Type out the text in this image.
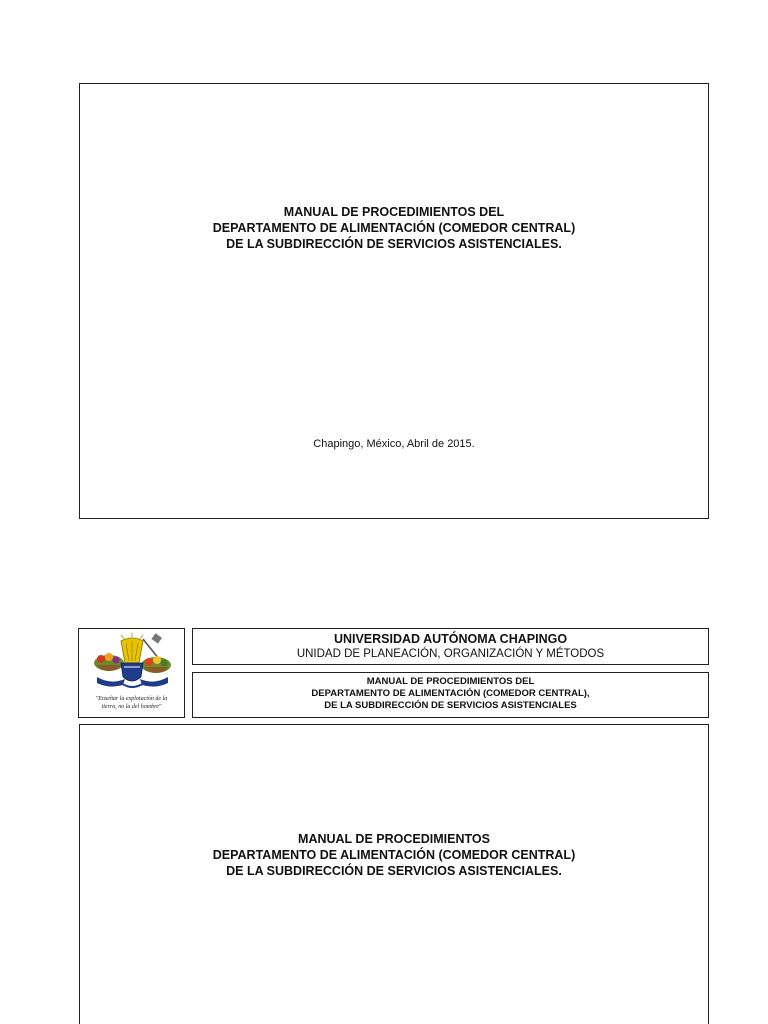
MANUAL DE PROCEDIMIENTOS DEL
DEPARTAMENTO DE ALIMENTACIÓN (COMEDOR CENTRAL)
DE LA SUBDIRECCIÓN DE SERVICIOS ASISTENCIALES.
Chapingo, México, Abril de 2015.
"Enseñar la explotación de la
tierra, no la del hombre"
UNIVERSIDAD AUTÓNOMA CHAPINGO
UNIDAD DE PLANEACIÓN, ORGANIZACIÓN Y MÉTODOS
MANUAL DE PROCEDIMIENTOS DEL
DEPARTAMENTO DE ALIMENTACIÓN (COMEDOR CENTRAL),
DE LA SUBDIRECCIÓN DE SERVICIOS ASISTENCIALES
MANUAL DE PROCEDIMIENTOS
DEPARTAMENTO DE ALIMENTACIÓN (COMEDOR CENTRAL)
DE LA SUBDIRECCIÓN DE SERVICIOS ASISTENCIALES.
